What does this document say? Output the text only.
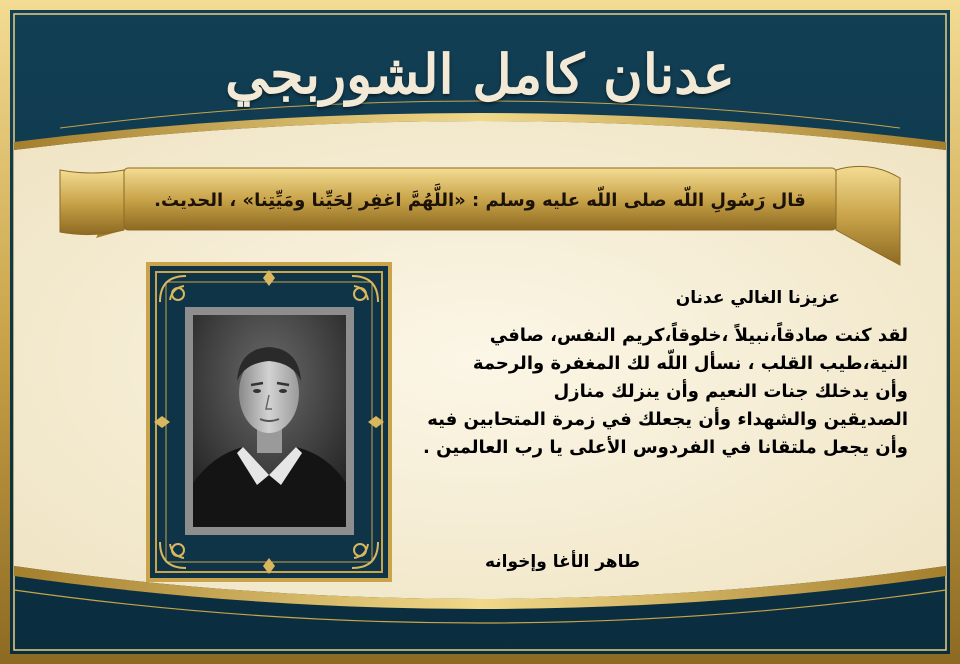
عدنان كامل الشوربجي
قال رَسُولِ اللّه صلى اللّه عليه وسلم : «اللَّهُمَّ اغفِر لِحَيِّنا ومَيِّتِنا» ، الحديث.
عزيزنا الغالي عدنان
لقد كنت صادقاً،نبيلاً ،خلوقاً،كريم النفس، صافي
النية،طيب القلب ، نسأل اللّه لك المغفرة والرحمة
وأن يدخلك جنات النعيم وأن ينزلك منازل
الصديقين والشهداء وأن يجعلك في زمرة المتحابين فيه
وأن يجعل ملتقانا في الفردوس الأعلى يا رب العالمين .
طاهر الأغا وإخوانه
